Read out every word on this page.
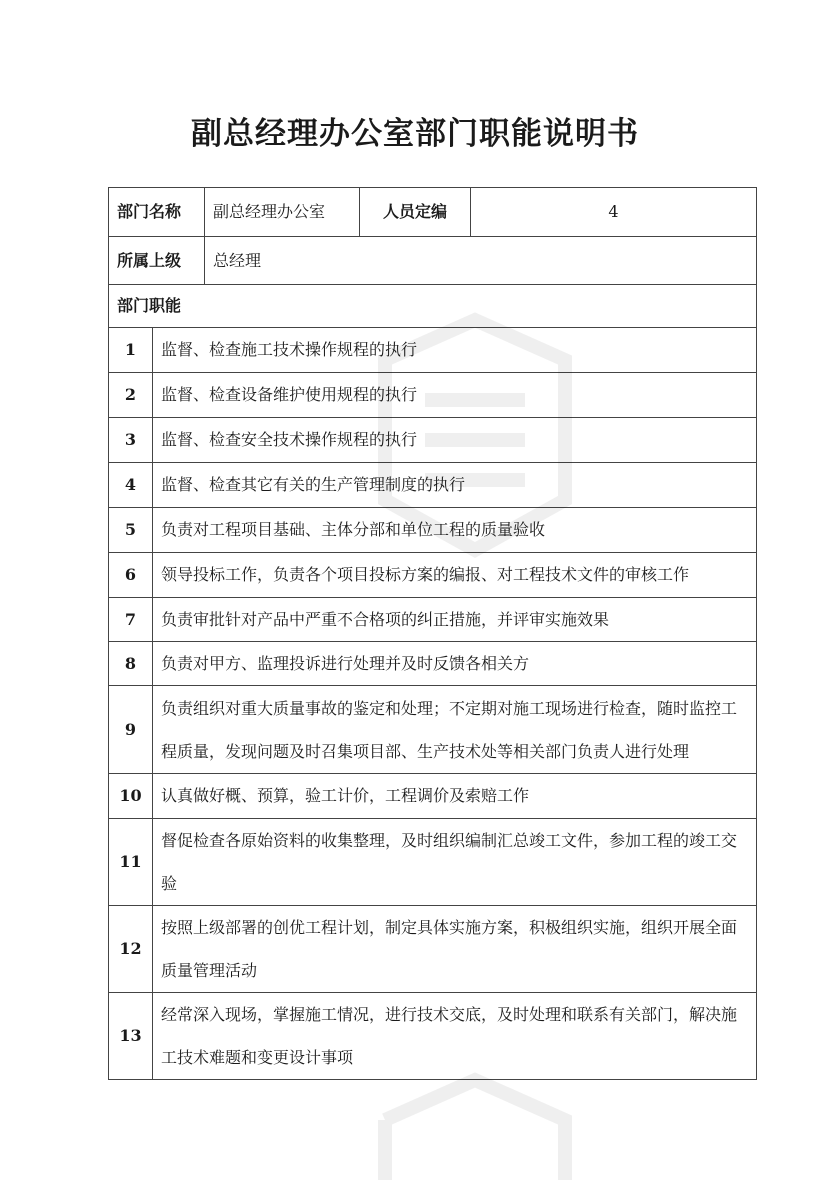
副总经理办公室部门职能说明书
部门名称		副总经理办公室	人员定编	4
所属上级		总经理		
部门职能				
1	监督、检查施工技术操作规程的执行			
2	监督、检查设备维护使用规程的执行			
3	监督、检查安全技术操作规程的执行			
4	监督、检查其它有关的生产管理制度的执行			
5	负责对工程项目基础、主体分部和单位工程的质量验收			
6	领导投标工作，负责各个项目投标方案的编报、对工程技术文件的审核工作			
7	负责审批针对产品中严重不合格项的纠正措施，并评审实施效果			
8	负责对甲方、监理投诉进行处理并及时反馈各相关方			
9	负责组织对重大质量事故的鉴定和处理；不定期对施工现场进行检查，随时监控工程质量，发现问题及时召集项目部、生产技术处等相关部门负责人进行处理			
10	认真做好概、预算，验工计价，工程调价及索赔工作			
11	督促检查各原始资料的收集整理，及时组织编制汇总竣工文件，参加工程的竣工交验			
12	按照上级部署的创优工程计划，制定具体实施方案，积极组织实施，组织开展全面质量管理活动			
13	经常深入现场，掌握施工情况，进行技术交底，及时处理和联系有关部门，解决施工技术难题和变更设计事项			
